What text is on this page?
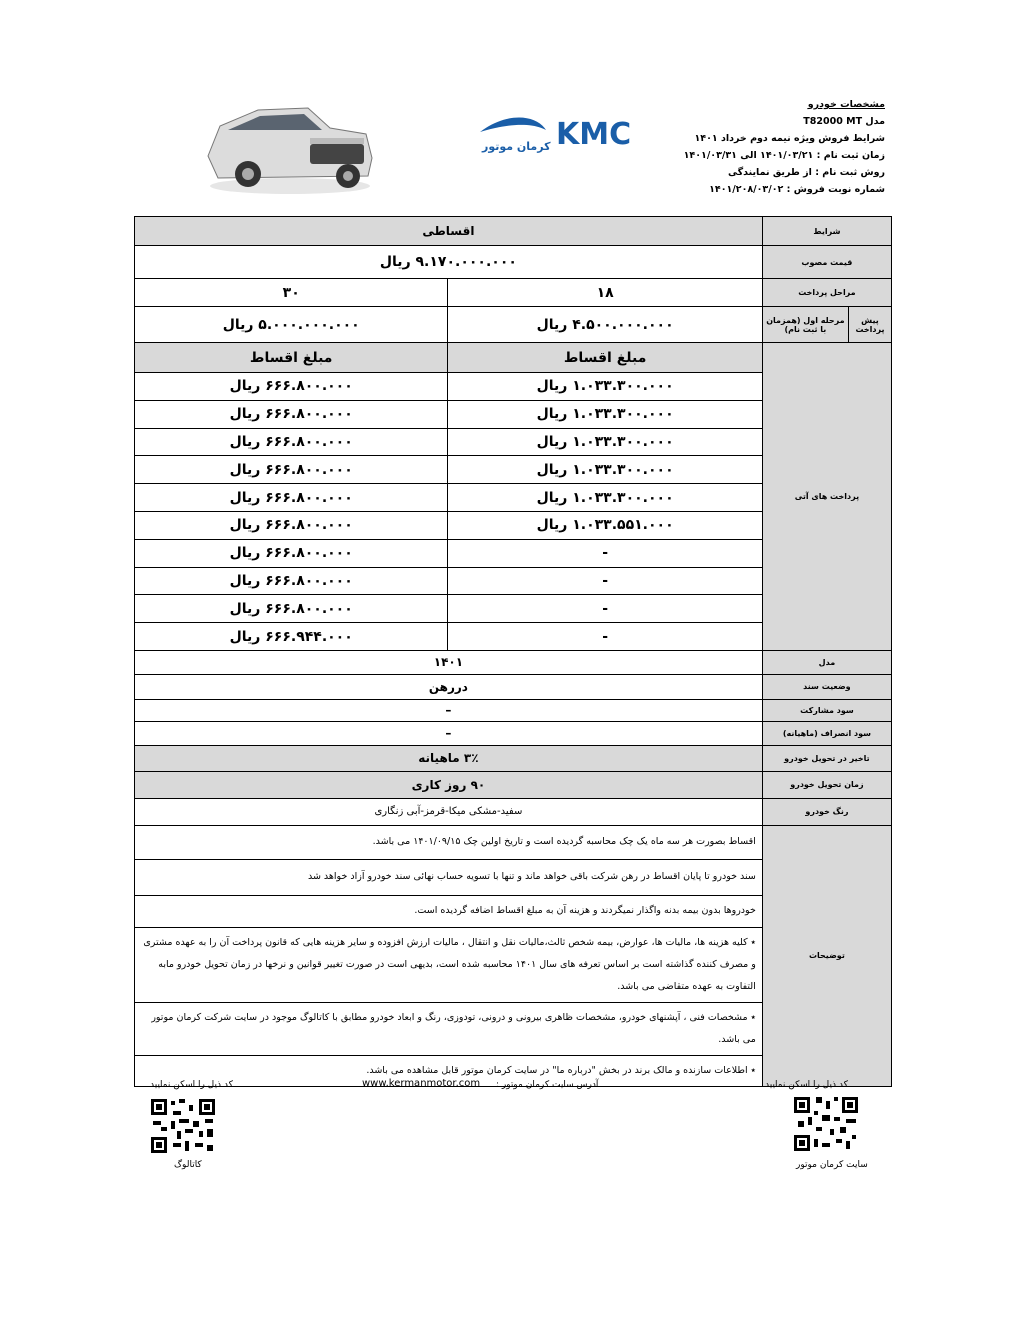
مشخصات خودرو
مدل T82000 MT
شرایط فروش ویژه نیمه دوم خرداد ۱۴۰۱
زمان ثبت نام : ۱۴۰۱/۰۳/۲۱ الی ۱۴۰۱/۰۳/۳۱
روش ثبت نام : از طریق نمایندگی
شماره نوبت فروش : ۱۴۰۱/۲۰۸/۰۳/۰۲
کرمان موتور KMC
اقساطی		شرایط	
۹.۱۷۰.۰۰۰.۰۰۰ ریال		قیمت مصوب	
۳۰	۱۸	مراحل پرداخت	
۵.۰۰۰.۰۰۰.۰۰۰ ریال	۴.۵۰۰.۰۰۰.۰۰۰ ریال	مرحله اول (همزمان با ثبت نام)	پیش پرداخت
مبلغ اقساط	مبلغ اقساط	پرداخت های آتی	
۶۶۶.۸۰۰.۰۰۰ ریال	۱.۰۳۳.۳۰۰.۰۰۰ ریال		
۶۶۶.۸۰۰.۰۰۰ ریال	۱.۰۳۳.۳۰۰.۰۰۰ ریال		
۶۶۶.۸۰۰.۰۰۰ ریال	۱.۰۳۳.۳۰۰.۰۰۰ ریال		
۶۶۶.۸۰۰.۰۰۰ ریال	۱.۰۳۳.۳۰۰.۰۰۰ ریال		
۶۶۶.۸۰۰.۰۰۰ ریال	۱.۰۳۳.۳۰۰.۰۰۰ ریال		
۶۶۶.۸۰۰.۰۰۰ ریال	۱.۰۳۳.۵۵۱.۰۰۰ ریال		
۶۶۶.۸۰۰.۰۰۰ ریال	-		
۶۶۶.۸۰۰.۰۰۰ ریال	-		
۶۶۶.۸۰۰.۰۰۰ ریال	-		
۶۶۶.۹۴۴.۰۰۰ ریال	-		
۱۴۰۱		مدل	
دررهن		وضعیت سند	
–		سود مشارکت	
–		سود انصراف (ماهیانه)	
۳٪ ماهیانه		تاخیر در تحویل خودرو	
۹۰ روز کاری		زمان تحویل خودرو	
سفید-مشکی میکا-قرمز-آبی زنگاری		رنگ خودرو	
اقساط بصورت هر سه ماه یک چک محاسبه گردیده است و تاریخ اولین چک ۱۴۰۱/۰۹/۱۵ می باشد.		توضیحات	
سند خودرو تا پایان اقساط در رهن شرکت باقی خواهد ماند و تنها با تسویه حساب نهائی سند خودرو آزاد خواهد شد			
خودروها بدون بیمه بدنه واگذار نمیگردند و هزینه آن به مبلغ اقساط اضافه گردیده است.			
٭ کلیه هزینه ها، مالیات ها، عوارض، بیمه شخص ثالث،مالیات نقل و انتقال ، مالیات ارزش افزوده و سایر هزینه هایی که قانون پرداخت آن را به عهده مشتری و مصرف کننده گذاشته است بر اساس تعرفه های سال ۱۴۰۱ محاسبه شده است، بدیهی است در صورت تغییر قوانین و نرخها در زمان تحویل خودرو مابه التفاوت به عهده متقاضی می باشد.			
٭ مشخصات فنی ، آپشنهای خودرو، مشخصات ظاهری بیرونی و درونی، تودوزی، رنگ و ابعاد خودرو مطابق با کاتالوگ موجود در سایت شرکت کرمان موتور می باشد.			
٭ اطلاعات سازنده و مالک برند در بخش "درباره ما" در سایت کرمان موتور قابل مشاهده می باشد.			
کد ذیل را اسکن نمایید	www.kermanmotor.com آدرس سایت کرمان موتور :	کد ذیل را اسکن نمایید
کاتالوگ	سایت کرمان موتور
